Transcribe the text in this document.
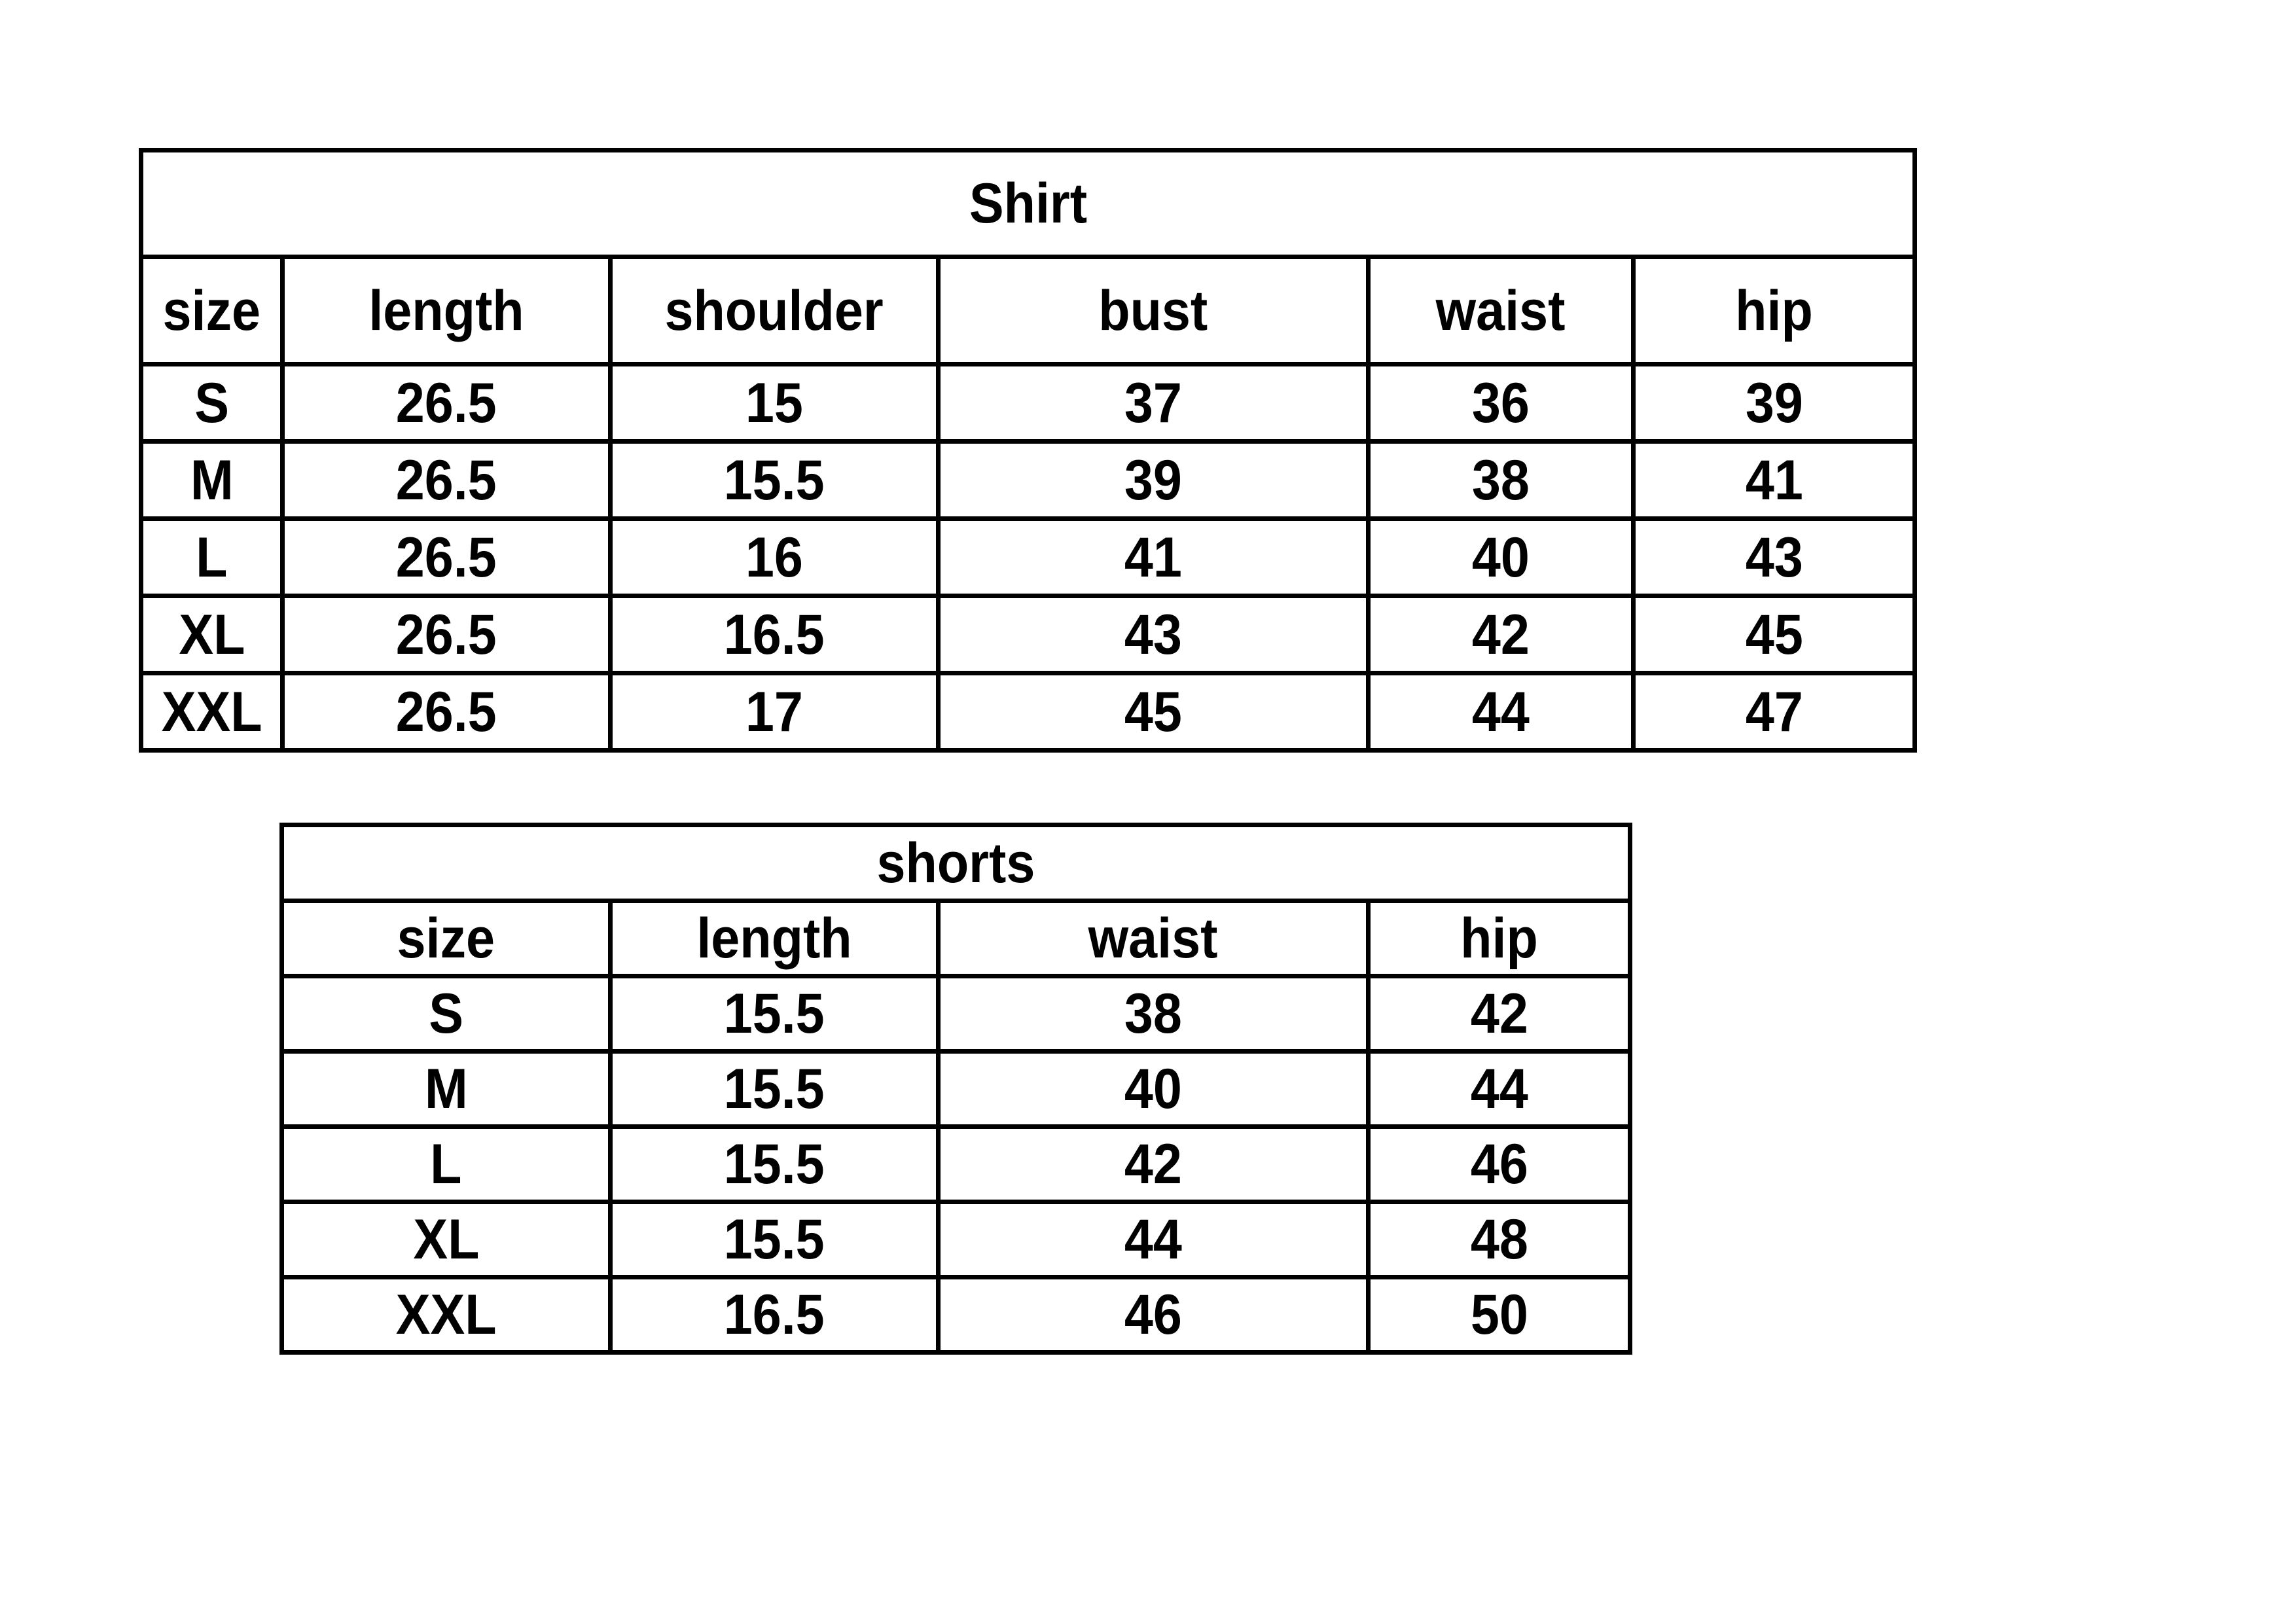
Shirt					
size	length	shoulder	bust	waist	hip
S	26.5	15	37	36	39
M	26.5	15.5	39	38	41
L	26.5	16	41	40	43
XL	26.5	16.5	43	42	45
XXL	26.5	17	45	44	47
shorts			
size	length	waist	hip
S	15.5	38	42
M	15.5	40	44
L	15.5	42	46
XL	15.5	44	48
XXL	16.5	46	50
